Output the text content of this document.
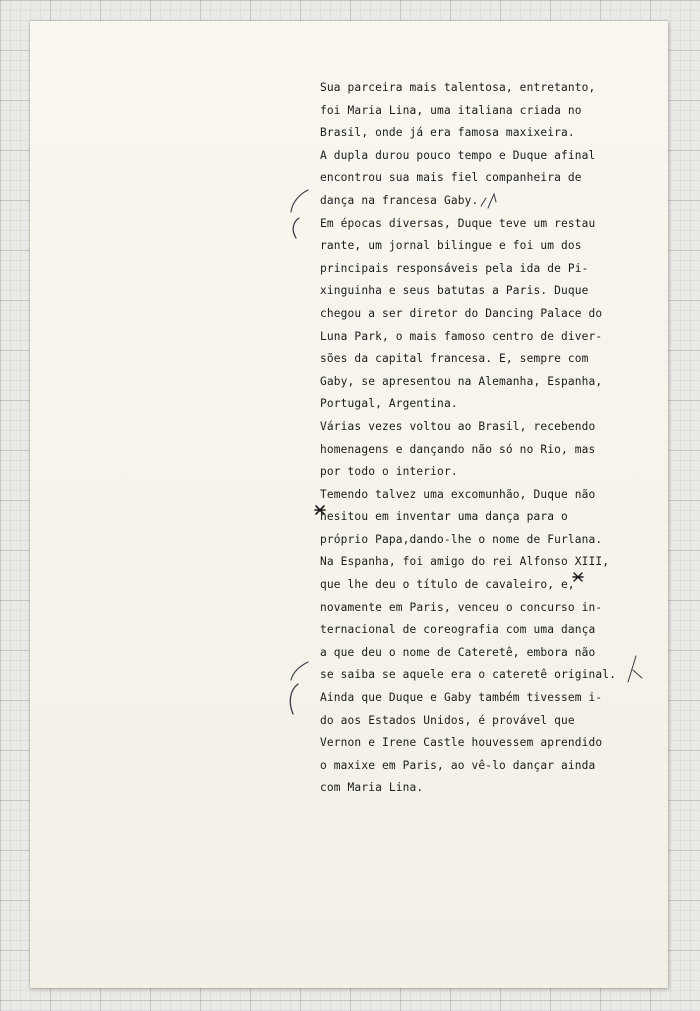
Sua parceira mais talentosa, entretanto,
foi Maria Lina, uma italiana criada no
Brasil, onde já era famosa maxixeira.
A dupla durou pouco tempo e Duque afinal
encontrou sua mais fiel companheira de
dança na francesa Gaby.
Em épocas diversas, Duque teve um restau
rante, um jornal bilingue e foi um dos
principais responsáveis pela ida de Pi-
xinguinha e seus batutas a Paris. Duque
chegou a ser diretor do Dancing Palace do
Luna Park, o mais famoso centro de diver-
sões da capital francesa. E, sempre com
Gaby, se apresentou na Alemanha, Espanha,
Portugal, Argentina.
Várias vezes voltou ao Brasil, recebendo
homenagens e dançando não só no Rio, mas
por todo o interior.
Temendo talvez uma excomunhão, Duque não
hesitou em inventar uma dança para o
próprio Papa,dando-lhe o nome de Furlana.
Na Espanha, foi amigo do rei Alfonso XIII,
que lhe deu o título de cavaleiro, e,
novamente em Paris, venceu o concurso in-
ternacional de coreografia com uma dança
a que deu o nome de Cateretê, embora não
se saiba se aquele era o cateretê original.
Ainda que Duque e Gaby também tivessem i-
do aos Estados Unidos, é provável que
Vernon e Irene Castle houvessem aprendido
o maxixe em Paris, ao vê-lo dançar ainda
com Maria Lina.
